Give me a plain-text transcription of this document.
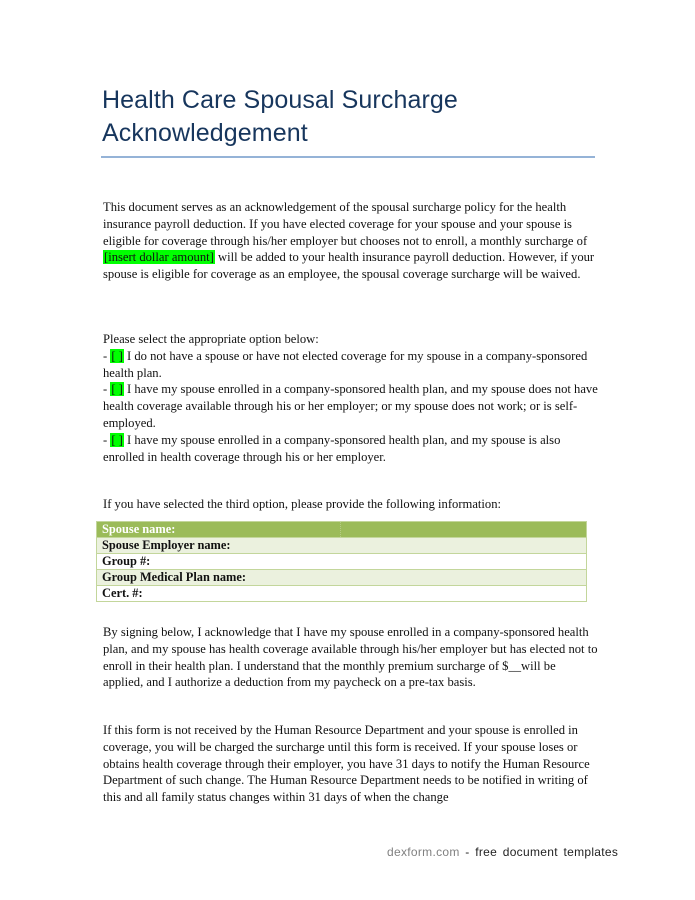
Health Care Spousal Surcharge Acknowledgement
This document serves as an acknowledgement of the spousal surcharge policy for the health insurance payroll deduction. If you have elected coverage for your spouse and your spouse is eligible for coverage through his/her employer but chooses not to enroll, a monthly surcharge of [insert dollar amount] will be added to your health insurance payroll deduction. However, if your spouse is eligible for coverage as an employee, the spousal coverage surcharge will be waived.
Please select the appropriate option below:
- [ ] I do not have a spouse or have not elected coverage for my spouse in a company-sponsored health plan.
- [ ] I have my spouse enrolled in a company-sponsored health plan, and my spouse does not have health coverage available through his or her employer; or my spouse does not work; or is self-employed.
- [ ] I have my spouse enrolled in a company-sponsored health plan, and my spouse is also enrolled in health coverage through his or her employer.
If you have selected the third option, please provide the following information:
Spouse name:	
Spouse Employer name:	
Group #:	
Group Medical Plan name:	
Cert. #:	
By signing below, I acknowledge that I have my spouse enrolled in a company-sponsored health plan, and my spouse has health coverage available through his/her employer but has elected not to enroll in their health plan. I understand that the monthly premium surcharge of $__will be applied, and I authorize a deduction from my paycheck on a pre-tax basis.
If this form is not received by the Human Resource Department and your spouse is enrolled in coverage, you will be charged the surcharge until this form is received. If your spouse loses or obtains health coverage through their employer, you have 31 days to notify the Human Resource Department of such change. The Human Resource Department needs to be notified in writing of this and all family status changes within 31 days of when the change
dexform.com - free document templates
